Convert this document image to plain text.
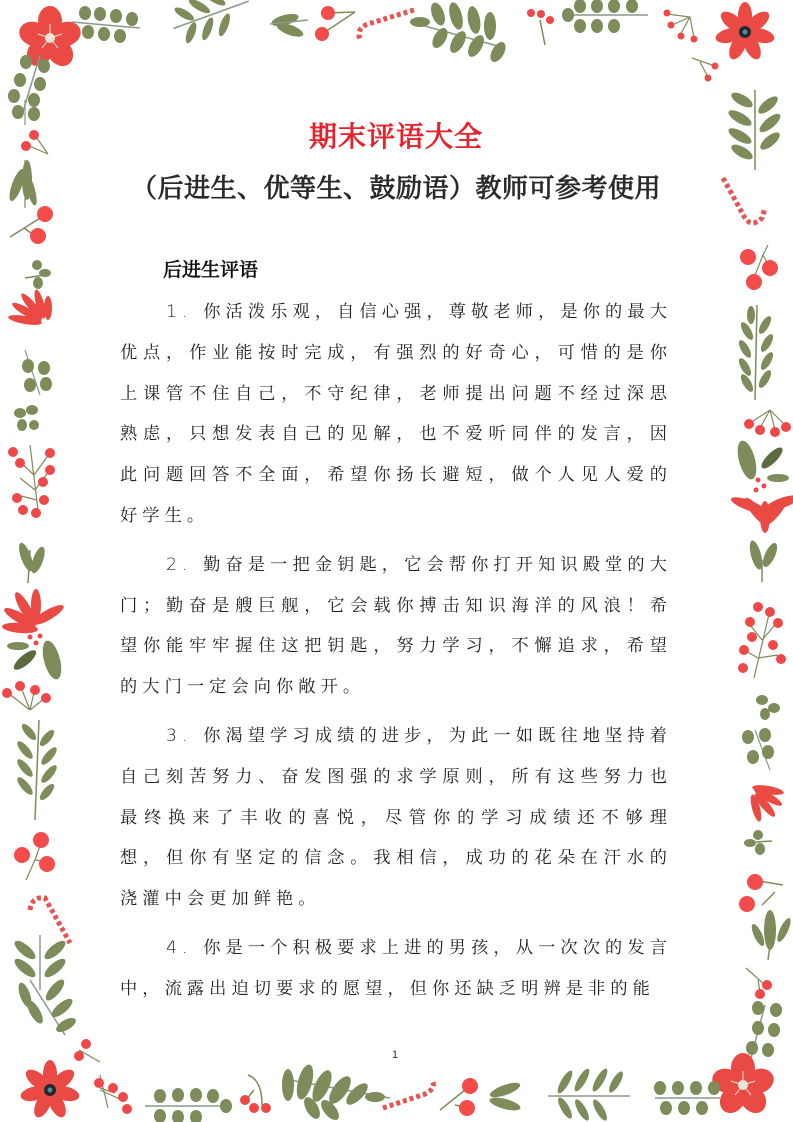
期末评语大全
（后进生、优等生、鼓励语）教师可参考使用
后进生评语

1. 你活泼乐观，自信心强，尊敬老师，是你的最大优点，作业能按时完成，有强烈的好奇心，可惜的是你上课管不住自己，不守纪律，老师提出问题不经过深思熟虑，只想发表自己的见解，也不爱听同伴的发言，因此问题回答不全面，希望你扬长避短，做个人见人爱的好学生。

2. 勤奋是一把金钥匙，它会帮你打开知识殿堂的大门；勤奋是艘巨舰，它会载你搏击知识海洋的风浪！希望你能牢牢握住这把钥匙，努力学习，不懈追求，希望的大门一定会向你敞开。

3. 你渴望学习成绩的进步，为此一如既往地坚持着自己刻苦努力、奋发图强的求学原则，所有这些努力也最终换来了丰收的喜悦，尽管你的学习成绩还不够理想，但你有坚定的信念。我相信，成功的花朵在汗水的浇灌中会更加鲜艳。

4. 你是一个积极要求上进的男孩，从一次次的发言中，流露出迫切要求的愿望，但你还缺乏明辨是非的能

1
